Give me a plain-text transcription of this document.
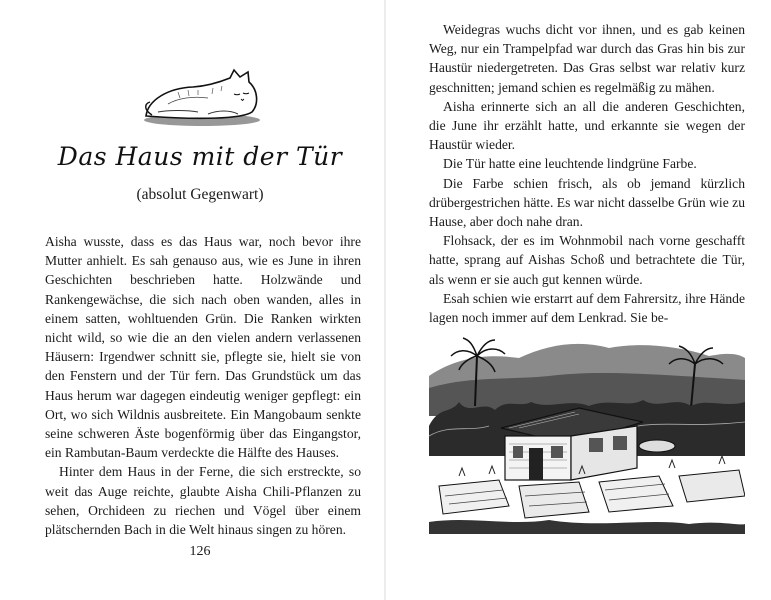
Das Haus mit der Tür
(absolut Gegenwart)

Aisha wusste, dass es das Haus war, noch bevor ihre Mutter anhielt. Es sah genauso aus, wie es June in ihren Geschichten beschrieben hatte. Holzwände und Rankengewächse, die sich nach oben wanden, alles in einem satten, wohltuenden Grün. Die Ranken wirkten nicht wild, so wie die an den vielen andern verlassenen Häusern: Irgendwer schnitt sie, pflegte sie, hielt sie von den Fenstern und der Tür fern. Das Grundstück um das Haus herum war dagegen eindeutig weniger gepflegt: ein Ort, wo sich Wildnis ausbreitete. Ein Mangobaum senkte seine schweren Äste bogenförmig über das Eingangstor, ein Rambutan-Baum verdeckte die Hälfte des Hauses.

Hinter dem Haus in der Ferne, die sich erstreckte, so weit das Auge reichte, glaubte Aisha Chili-Pflanzen zu sehen, Orchideen zu riechen und Vögel über einem plätschernden Bach in die Welt hinaus singen zu hören.

126

Weidegras wuchs dicht vor ihnen, und es gab keinen Weg, nur ein Trampelpfad war durch das Gras hin bis zur Haustür niedergetreten. Das Gras selbst war relativ kurz geschnitten; jemand schien es regelmäßig zu mähen.

Aisha erinnerte sich an all die anderen Geschichten, die June ihr erzählt hatte, und erkannte sie wegen der Haustür wieder.

Die Tür hatte eine leuchtende lindgrüne Farbe.

Die Farbe schien frisch, als ob jemand kürzlich drübergestrichen hätte. Es war nicht dasselbe Grün wie zu Hause, aber doch nahe dran.

Flohsack, der es im Wohnmobil nach vorne geschafft hatte, sprang auf Aishas Schoß und betrachtete die Tür, als wenn er sie auch gut kennen würde.

Esah schien wie erstarrt auf dem Fahrersitz, ihre Hände lagen noch immer auf dem Lenkrad. Sie be-
